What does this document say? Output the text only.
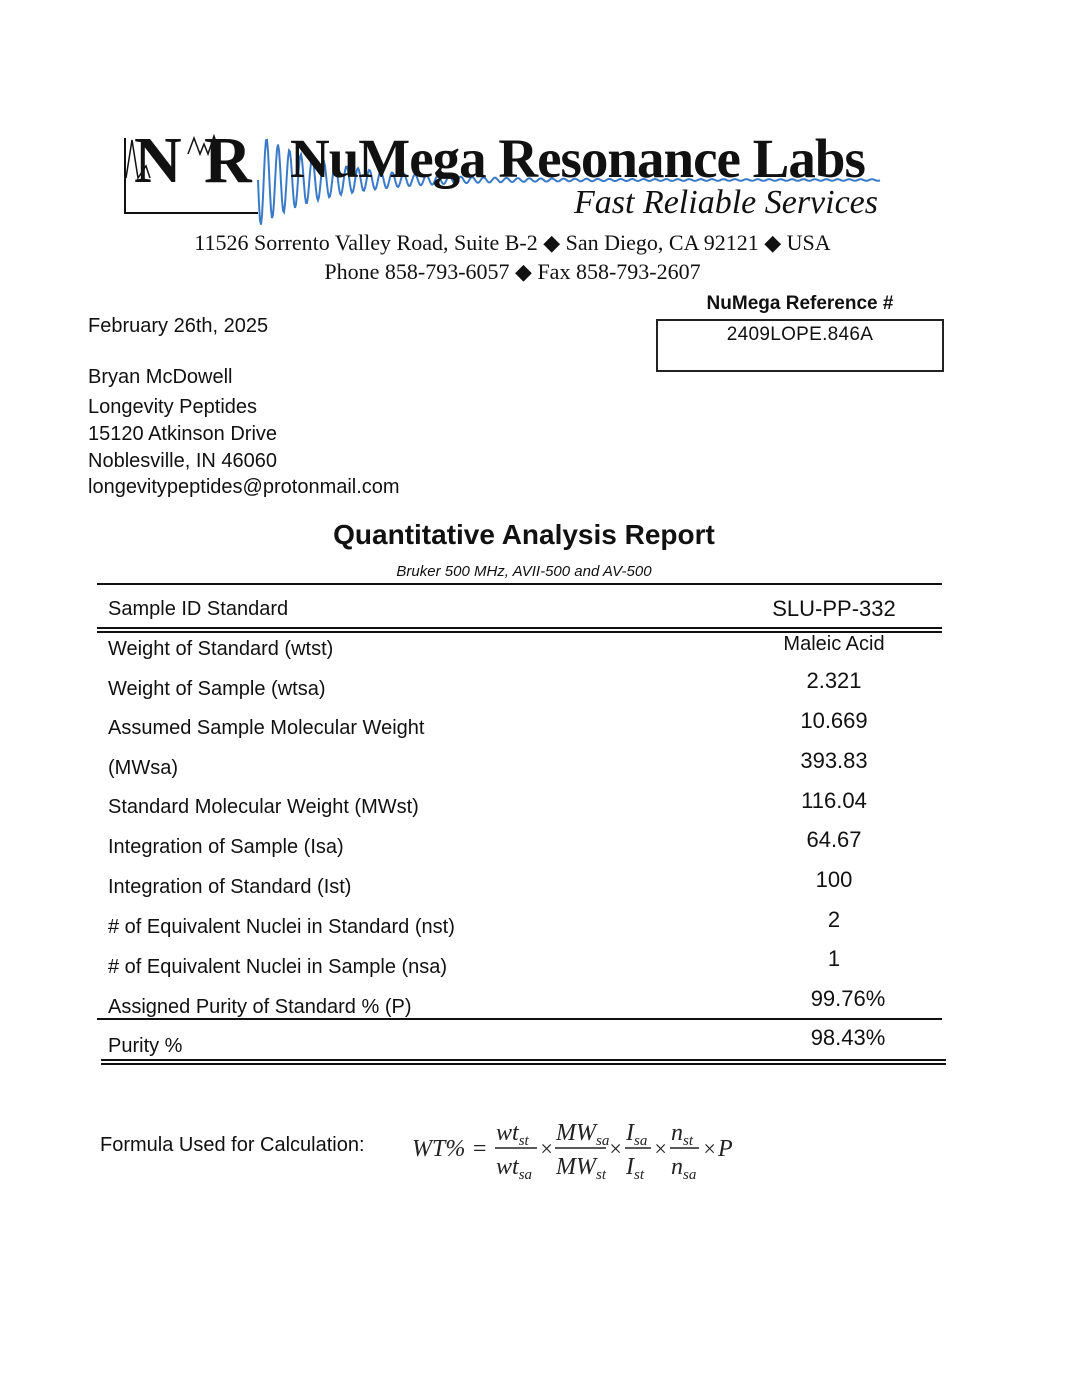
N R NuMega Resonance Labs
Fast Reliable Services
11526 Sorrento Valley Road, Suite B-2 ◆ San Diego, CA 92121 ◆ USA
Phone 858-793-6057 ◆ Fax 858-793-2607
NuMega Reference #
2409LOPE.846A
February 26th, 2025
Bryan McDowell
Longevity Peptides
15120 Atkinson Drive
Noblesville, IN 46060
longevitypeptides@protonmail.com
Quantitative Analysis Report
Bruker 500 MHz, AVII-500 and AV-500
Sample ID Standard	SLU-PP-332
Weight of Standard (wtst)	Maleic Acid
Weight of Sample (wtsa)	2.321
Assumed Sample Molecular Weight	10.669
(MWsa)	393.83
Standard Molecular Weight (MWst)	116.04
Integration of Sample (Isa)	64.67
Integration of Standard (Ist)	100
# of Equivalent Nuclei in Standard (nst)	2
# of Equivalent Nuclei in Sample (nsa)	1
Assigned Purity of Standard % (P)	99.76%
Purity %	98.43%
Formula Used for Calculation: WT% =
$wt_{st}$
$wt_{sa}$
×
$MW_{sa}$
$MW_{st}$
×
$I_{sa}$
$I_{st}$
×
$n_{st}$
$n_{sa}$
× P
